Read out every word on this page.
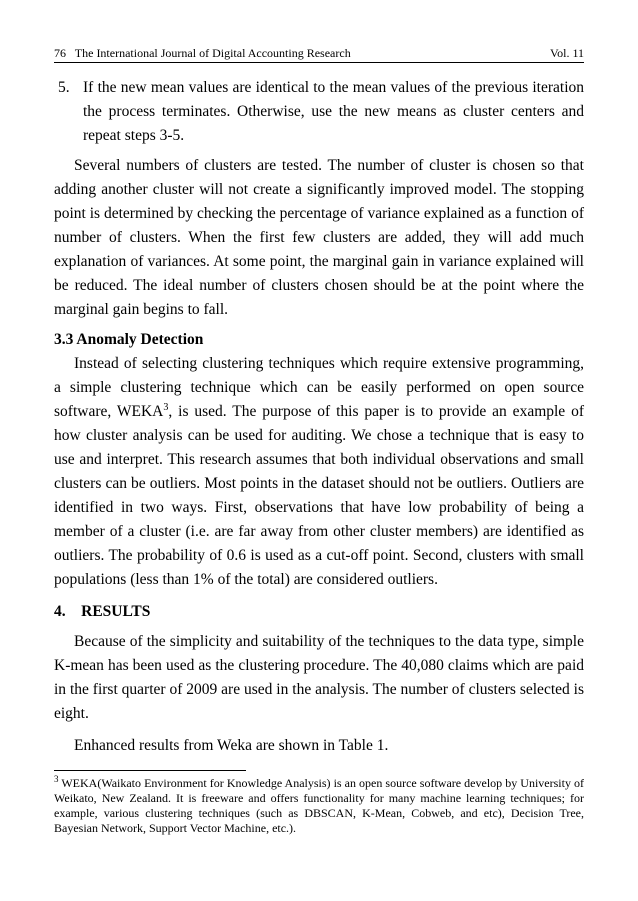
76   The International Journal of Digital Accounting Research	Vol. 11

5. If the new mean values are identical to the mean values of the previous iteration the process terminates. Otherwise, use the new means as cluster centers and repeat steps 3-5.

Several numbers of clusters are tested. The number of cluster is chosen so that adding another cluster will not create a significantly improved model. The stopping point is determined by checking the percentage of variance explained as a function of number of clusters. When the first few clusters are added, they will add much explanation of variances. At some point, the marginal gain in variance explained will be reduced. The ideal number of clusters chosen should be at the point where the marginal gain begins to fall.

3.3 Anomaly Detection

Instead of selecting clustering techniques which require extensive programming, a simple clustering technique which can be easily performed on open source software, WEKA$^3$, is used. The purpose of this paper is to provide an example of how cluster analysis can be used for auditing. We chose a technique that is easy to use and interpret. This research assumes that both individual observations and small clusters can be outliers. Most points in the dataset should not be outliers. Outliers are identified in two ways. First, observations that have low probability of being a member of a cluster (i.e. are far away from other cluster members) are identified as outliers. The probability of 0.6 is used as a cut-off point. Second, clusters with small populations (less than 1% of the total) are considered outliers.

4.    RESULTS

Because of the simplicity and suitability of the techniques to the data type, simple K-mean has been used as the clustering procedure. The 40,080 claims which are paid in the first quarter of 2009 are used in the analysis. The number of clusters selected is eight.

Enhanced results from Weka are shown in Table 1.

$^3$ WEKA(Waikato Environment for Knowledge Analysis) is an open source software develop by University of Weikato, New Zealand. It is freeware and offers functionality for many machine learning techniques; for example, various clustering techniques (such as DBSCAN, K-Mean, Cobweb, and etc), Decision Tree, Bayesian Network, Support Vector Machine, etc.).
